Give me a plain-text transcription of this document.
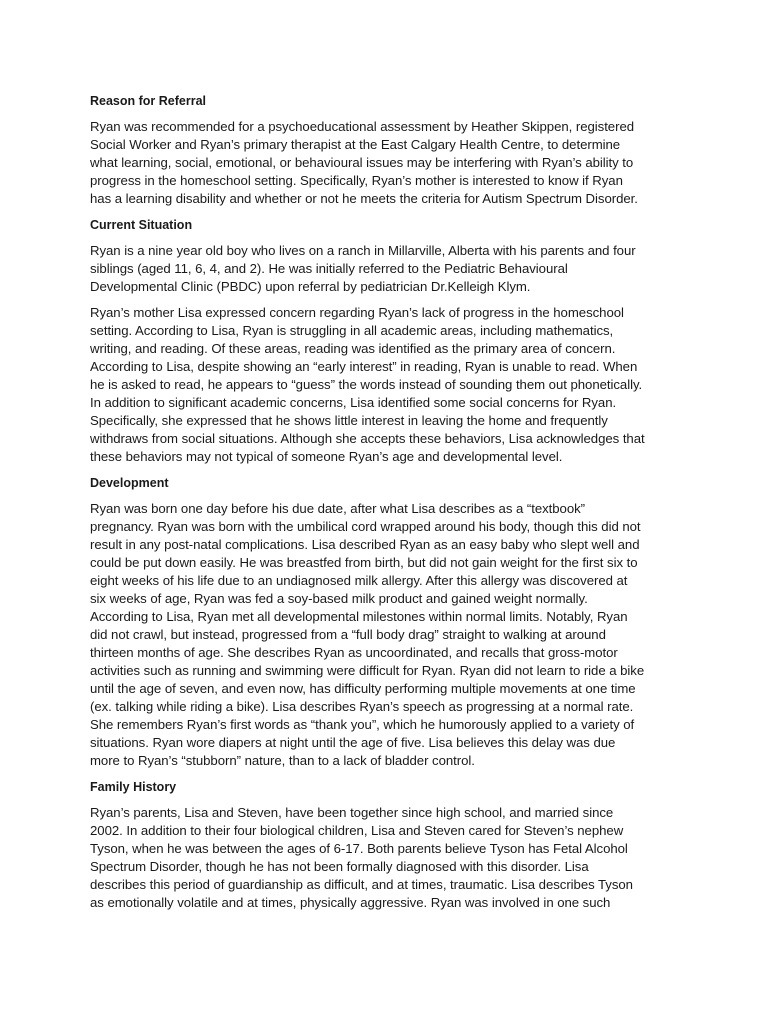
Reason for Referral
Ryan was recommended for a psychoeducational assessment by Heather Skippen, registered
Social Worker and Ryan’s primary therapist at the East Calgary Health Centre, to determine
what learning, social, emotional, or behavioural issues may be interfering with Ryan’s ability to
progress in the homeschool setting. Specifically, Ryan’s mother is interested to know if Ryan
has a learning disability and whether or not he meets the criteria for Autism Spectrum Disorder.
Current Situation
Ryan is a nine year old boy who lives on a ranch in Millarville, Alberta with his parents and four
siblings (aged 11, 6, 4, and 2). He was initially referred to the Pediatric Behavioural
Developmental Clinic (PBDC) upon referral by pediatrician Dr.Kelleigh Klym.
Ryan’s mother Lisa expressed concern regarding Ryan’s lack of progress in the homeschool
setting. According to Lisa, Ryan is struggling in all academic areas, including mathematics,
writing, and reading. Of these areas, reading was identified as the primary area of concern.
According to Lisa, despite showing an “early interest” in reading, Ryan is unable to read. When
he is asked to read, he appears to “guess” the words instead of sounding them out phonetically.
In addition to significant academic concerns, Lisa identified some social concerns for Ryan.
Specifically, she expressed that he shows little interest in leaving the home and frequently
withdraws from social situations. Although she accepts these behaviors, Lisa acknowledges that
these behaviors may not typical of someone Ryan’s age and developmental level.
Development
Ryan was born one day before his due date, after what Lisa describes as a “textbook”
pregnancy. Ryan was born with the umbilical cord wrapped around his body, though this did not
result in any post-natal complications. Lisa described Ryan as an easy baby who slept well and
could be put down easily. He was breastfed from birth, but did not gain weight for the first six to
eight weeks of his life due to an undiagnosed milk allergy. After this allergy was discovered at
six weeks of age, Ryan was fed a soy-based milk product and gained weight normally.
According to Lisa, Ryan met all developmental milestones within normal limits. Notably, Ryan
did not crawl, but instead, progressed from a “full body drag” straight to walking at around
thirteen months of age. She describes Ryan as uncoordinated, and recalls that gross-motor
activities such as running and swimming were difficult for Ryan. Ryan did not learn to ride a bike
until the age of seven, and even now, has difficulty performing multiple movements at one time
(ex. talking while riding a bike). Lisa describes Ryan’s speech as progressing at a normal rate.
She remembers Ryan’s first words as “thank you”, which he humorously applied to a variety of
situations. Ryan wore diapers at night until the age of five. Lisa believes this delay was due
more to Ryan’s “stubborn” nature, than to a lack of bladder control.
Family History
Ryan’s parents, Lisa and Steven, have been together since high school, and married since
2002. In addition to their four biological children, Lisa and Steven cared for Steven’s nephew
Tyson, when he was between the ages of 6-17. Both parents believe Tyson has Fetal Alcohol
Spectrum Disorder, though he has not been formally diagnosed with this disorder. Lisa
describes this period of guardianship as difficult, and at times, traumatic. Lisa describes Tyson
as emotionally volatile and at times, physically aggressive. Ryan was involved in one such
